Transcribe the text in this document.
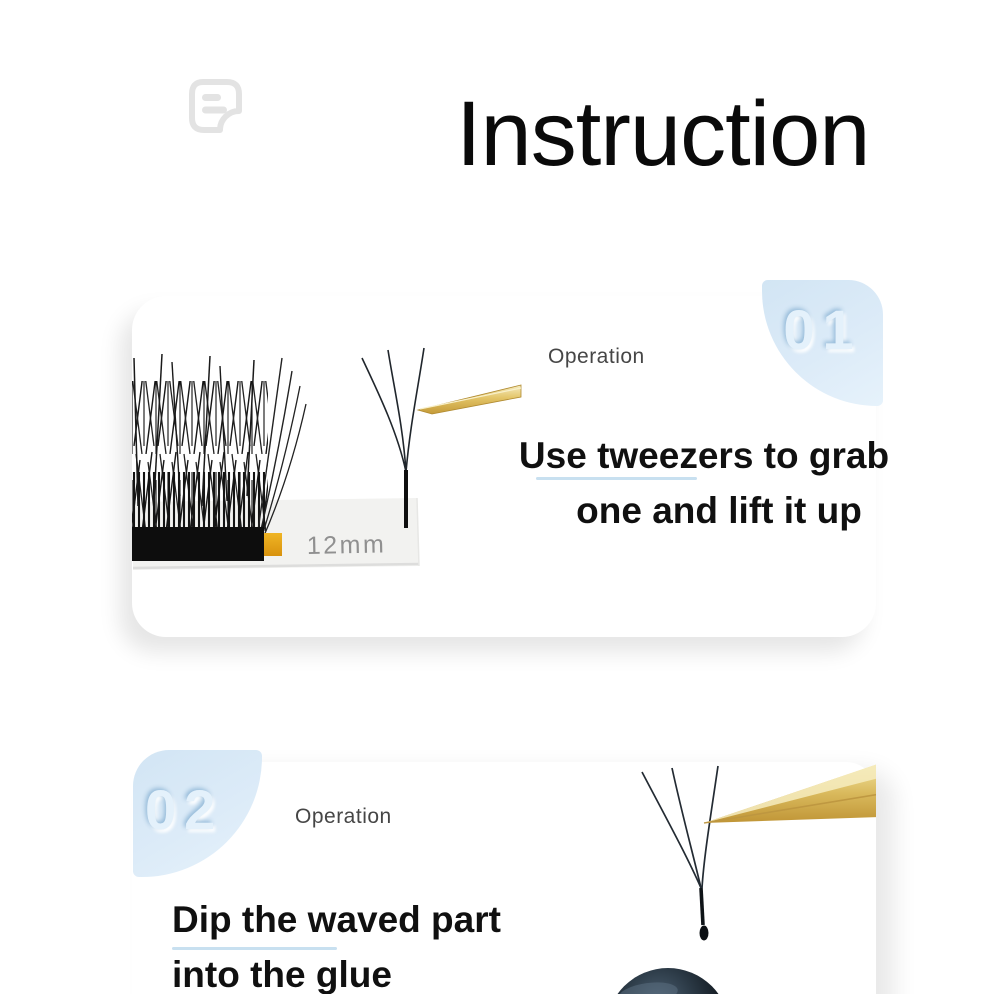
Instruction
12mm
01
Operation
Use tweezers to grab
one and lift it up
02	Operation
Dip the waved part
into the glue
